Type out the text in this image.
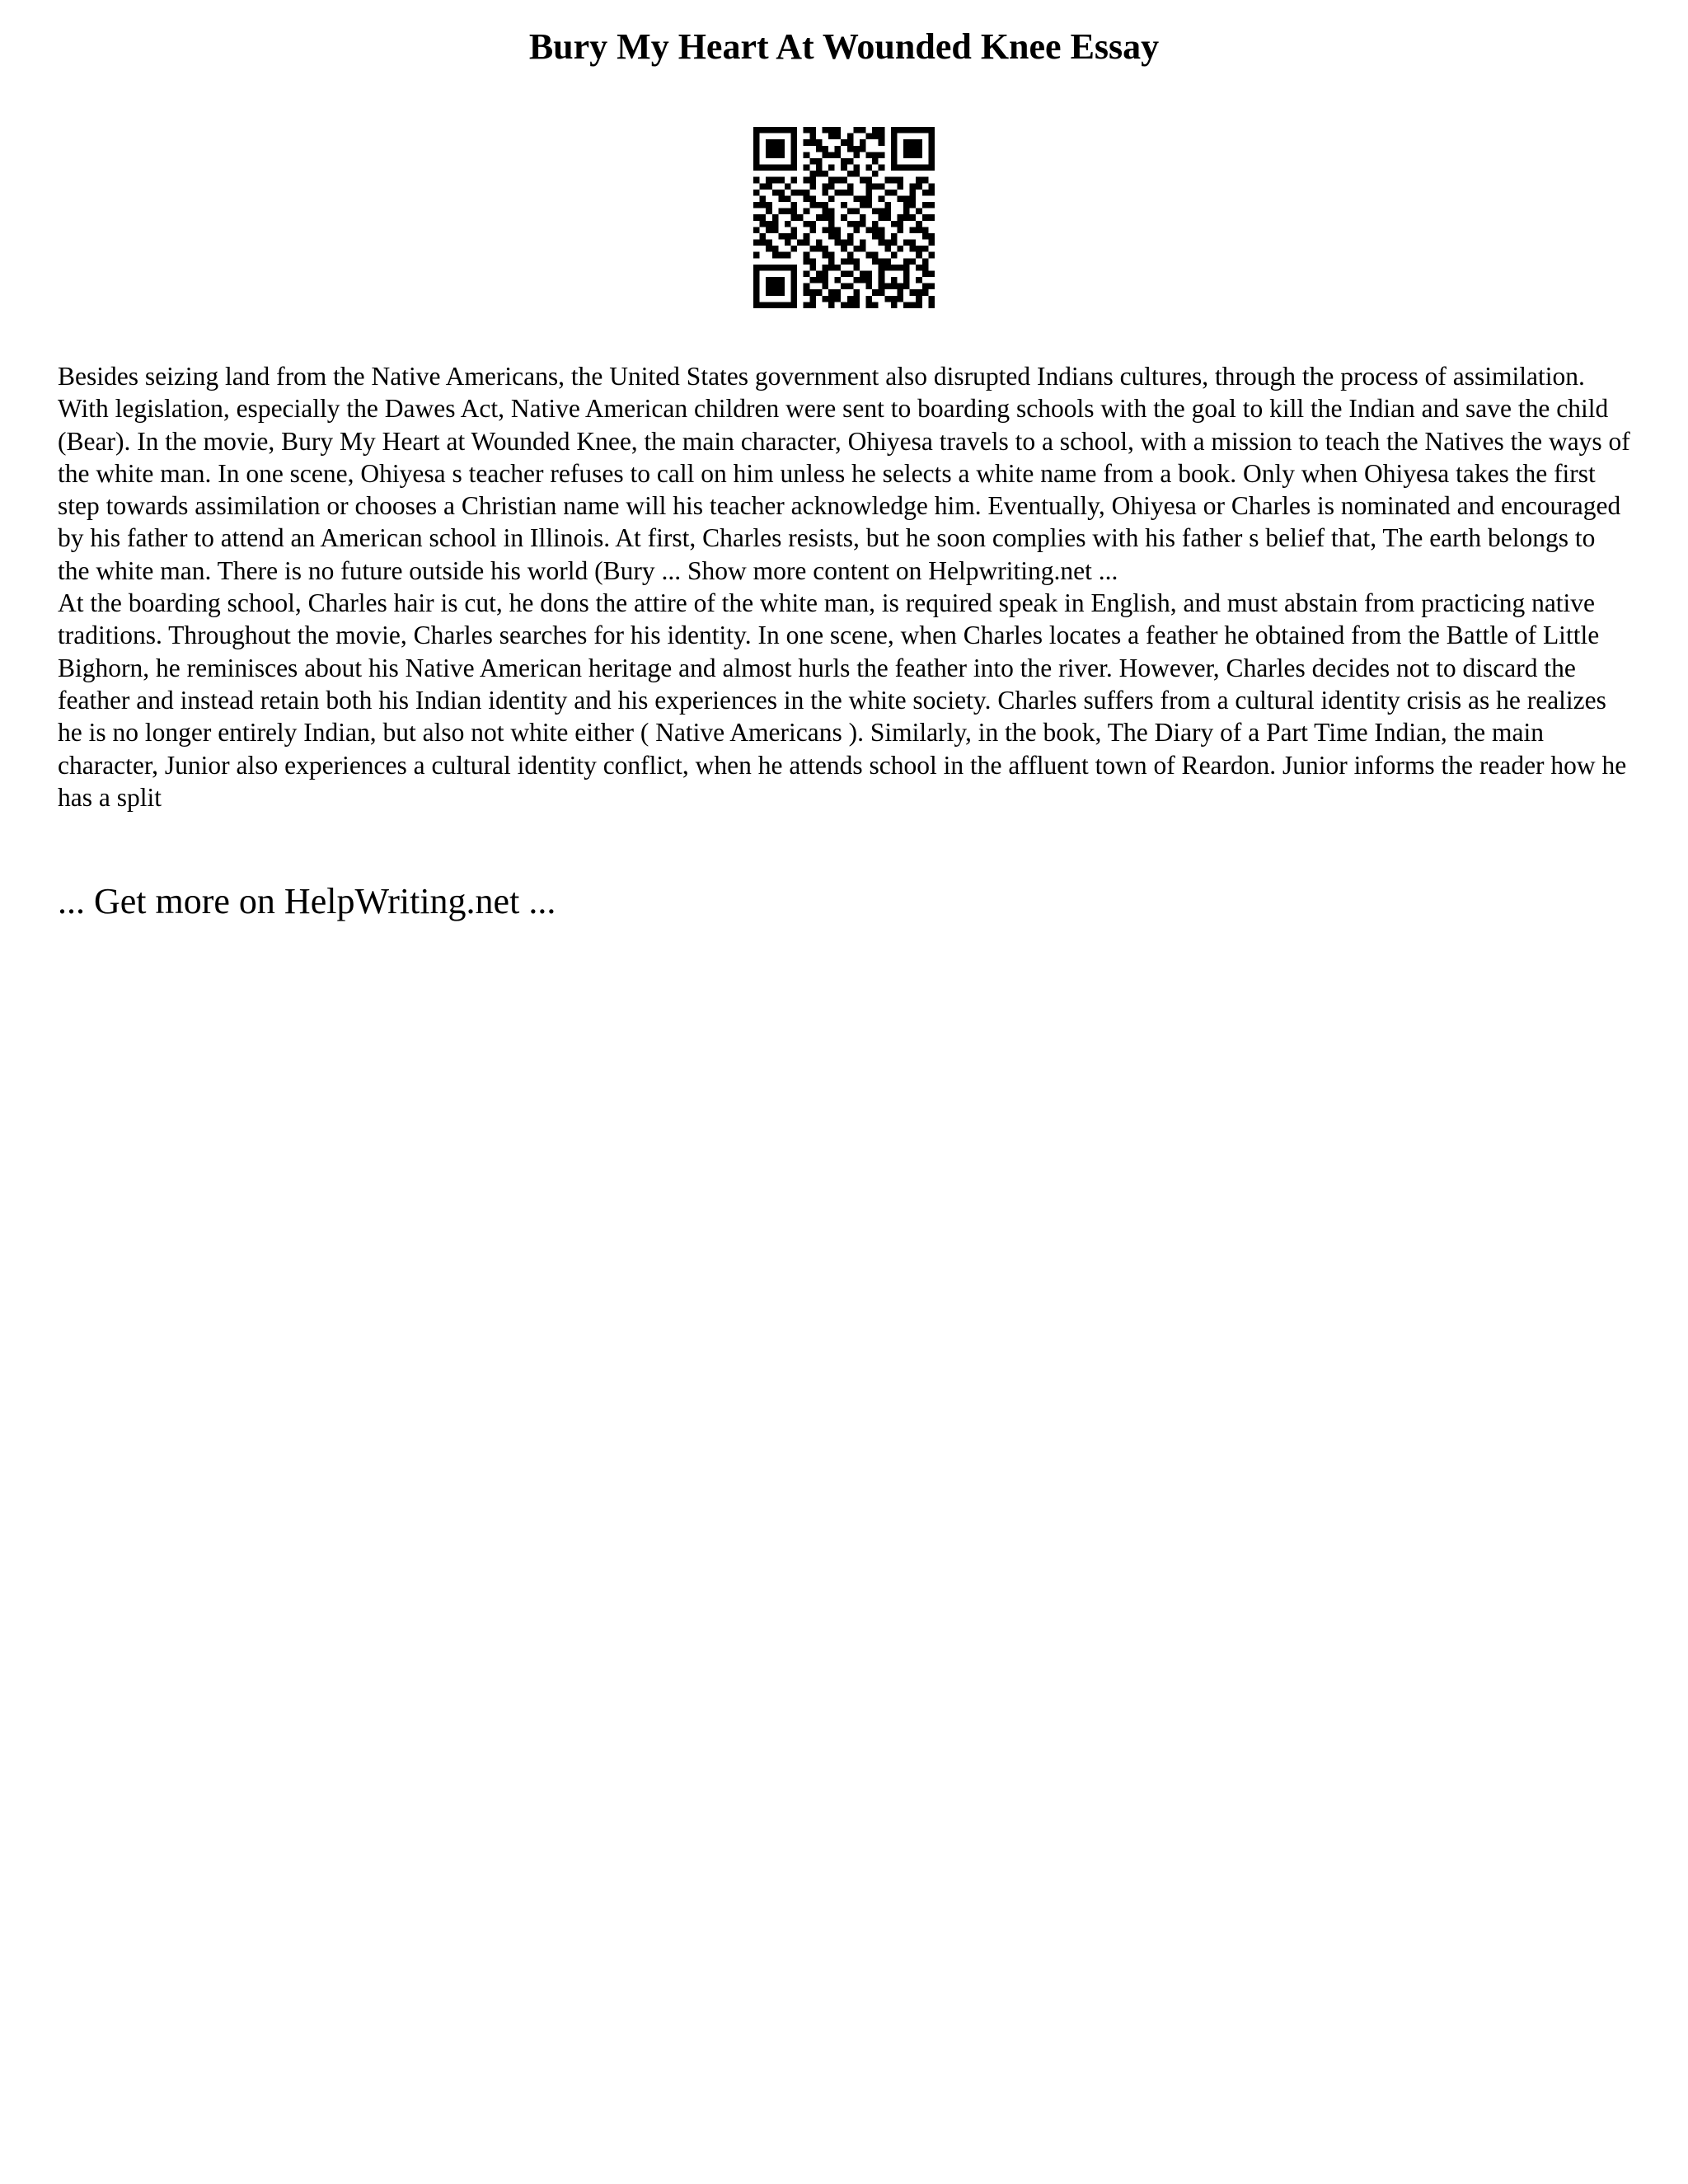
Bury My Heart At Wounded Knee Essay

Besides seizing land from the Native Americans, the United States government also disrupted Indians cultures, through the process of assimilation. With legislation, especially the Dawes Act, Native American children were sent to boarding schools with the goal to kill the Indian and save the child (Bear). In the movie, Bury My Heart at Wounded Knee, the main character, Ohiyesa travels to a school, with a mission to teach the Natives the ways of the white man. In one scene, Ohiyesa s teacher refuses to call on him unless he selects a white name from a book. Only when Ohiyesa takes the first step towards assimilation or chooses a Christian name will his teacher acknowledge him. Eventually, Ohiyesa or Charles is nominated and encouraged by his father to attend an American school in Illinois. At first, Charles resists, but he soon complies with his father s belief that, The earth belongs to the white man. There is no future outside his world (Bury ... Show more content on Helpwriting.net ...

At the boarding school, Charles hair is cut, he dons the attire of the white man, is required speak in English, and must abstain from practicing native traditions. Throughout the movie, Charles searches for his identity. In one scene, when Charles locates a feather he obtained from the Battle of Little Bighorn, he reminisces about his Native American heritage and almost hurls the feather into the river. However, Charles decides not to discard the feather and instead retain both his Indian identity and his experiences in the white society. Charles suffers from a cultural identity crisis as he realizes he is no longer entirely Indian, but also not white either ( Native Americans ). Similarly, in the book, The Diary of a Part Time Indian, the main character, Junior also experiences a cultural identity conflict, when he attends school in the affluent town of Reardon. Junior informs the reader how he has a split

... Get more on HelpWriting.net ...
